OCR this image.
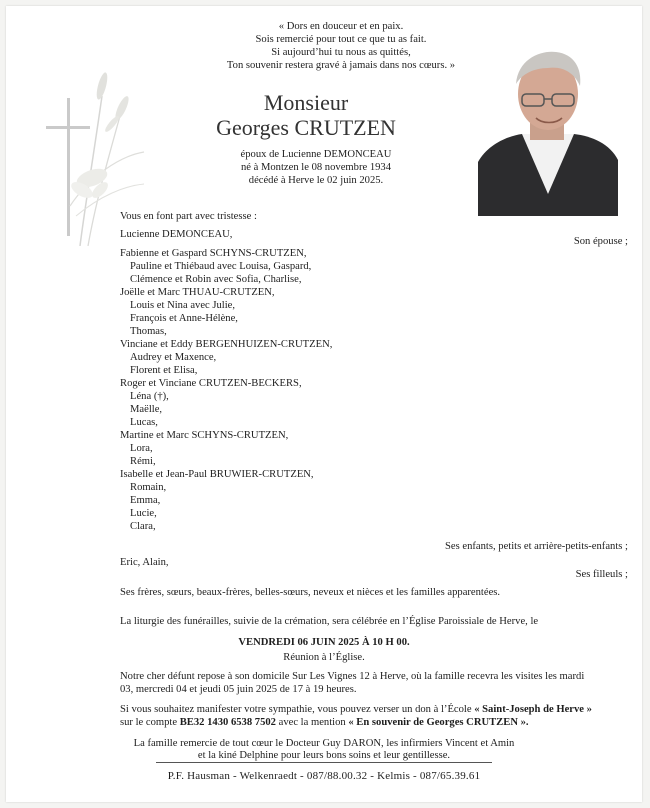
« Dors en douceur et en paix.
Sois remercié pour tout ce que tu as fait.
Si aujourd’hui tu nous as quittés,
Ton souvenir restera gravé à jamais dans nos cœurs. »
Monsieur
Georges CRUTZEN
époux de Lucienne DEMONCEAU
né à Montzen le 08 novembre 1934
décédé à Herve le 02 juin 2025.
Vous en font part avec tristesse :
Lucienne DEMONCEAU,
Son épouse ;
Fabienne et Gaspard SCHYNS-CRUTZEN,
Pauline et Thiébaud avec Louisa, Gaspard,
Clémence et Robin avec Sofia, Charlise,
Joëlle et Marc THUAU-CRUTZEN,
Louis et Nina avec Julie,
François et Anne-Hélène,
Thomas,
Vinciane et Eddy BERGENHUIZEN-CRUTZEN,
Audrey et Maxence,
Florent et Elisa,
Roger et Vinciane CRUTZEN-BECKERS,
Léna (†),
Maëlle,
Lucas,
Martine et Marc SCHYNS-CRUTZEN,
Lora,
Rémi,
Isabelle et Jean-Paul BRUWIER-CRUTZEN,
Romain,
Emma,
Lucie,
Clara,
Ses enfants, petits et arrière-petits-enfants ;
Eric, Alain,
Ses filleuls ;
Ses frères, sœurs, beaux-frères, belles-sœurs, neveux et nièces et les familles apparentées.
La liturgie des funérailles, suivie de la crémation, sera célébrée en l’Église Paroissiale de Herve, le
VENDREDI 06 JUIN 2025 À 10 H 00.
Réunion à l’Église.
Notre cher défunt repose à son domicile Sur Les Vignes 12 à Herve, où la famille recevra les visites les mardi
03, mercredi 04 et jeudi 05 juin 2025 de 17 à 19 heures.
Si vous souhaitez manifester votre sympathie, vous pouvez verser un don à l’École « Saint-Joseph de Herve »
sur le compte BE32 1430 6538 7502 avec la mention « En souvenir de Georges CRUTZEN ».
La famille remercie de tout cœur le Docteur Guy DARON, les infirmiers Vincent et Amin
et la kiné Delphine pour leurs bons soins et leur gentillesse.
P.F. Hausman - Welkenraedt - 087/88.00.32 - Kelmis - 087/65.39.61
